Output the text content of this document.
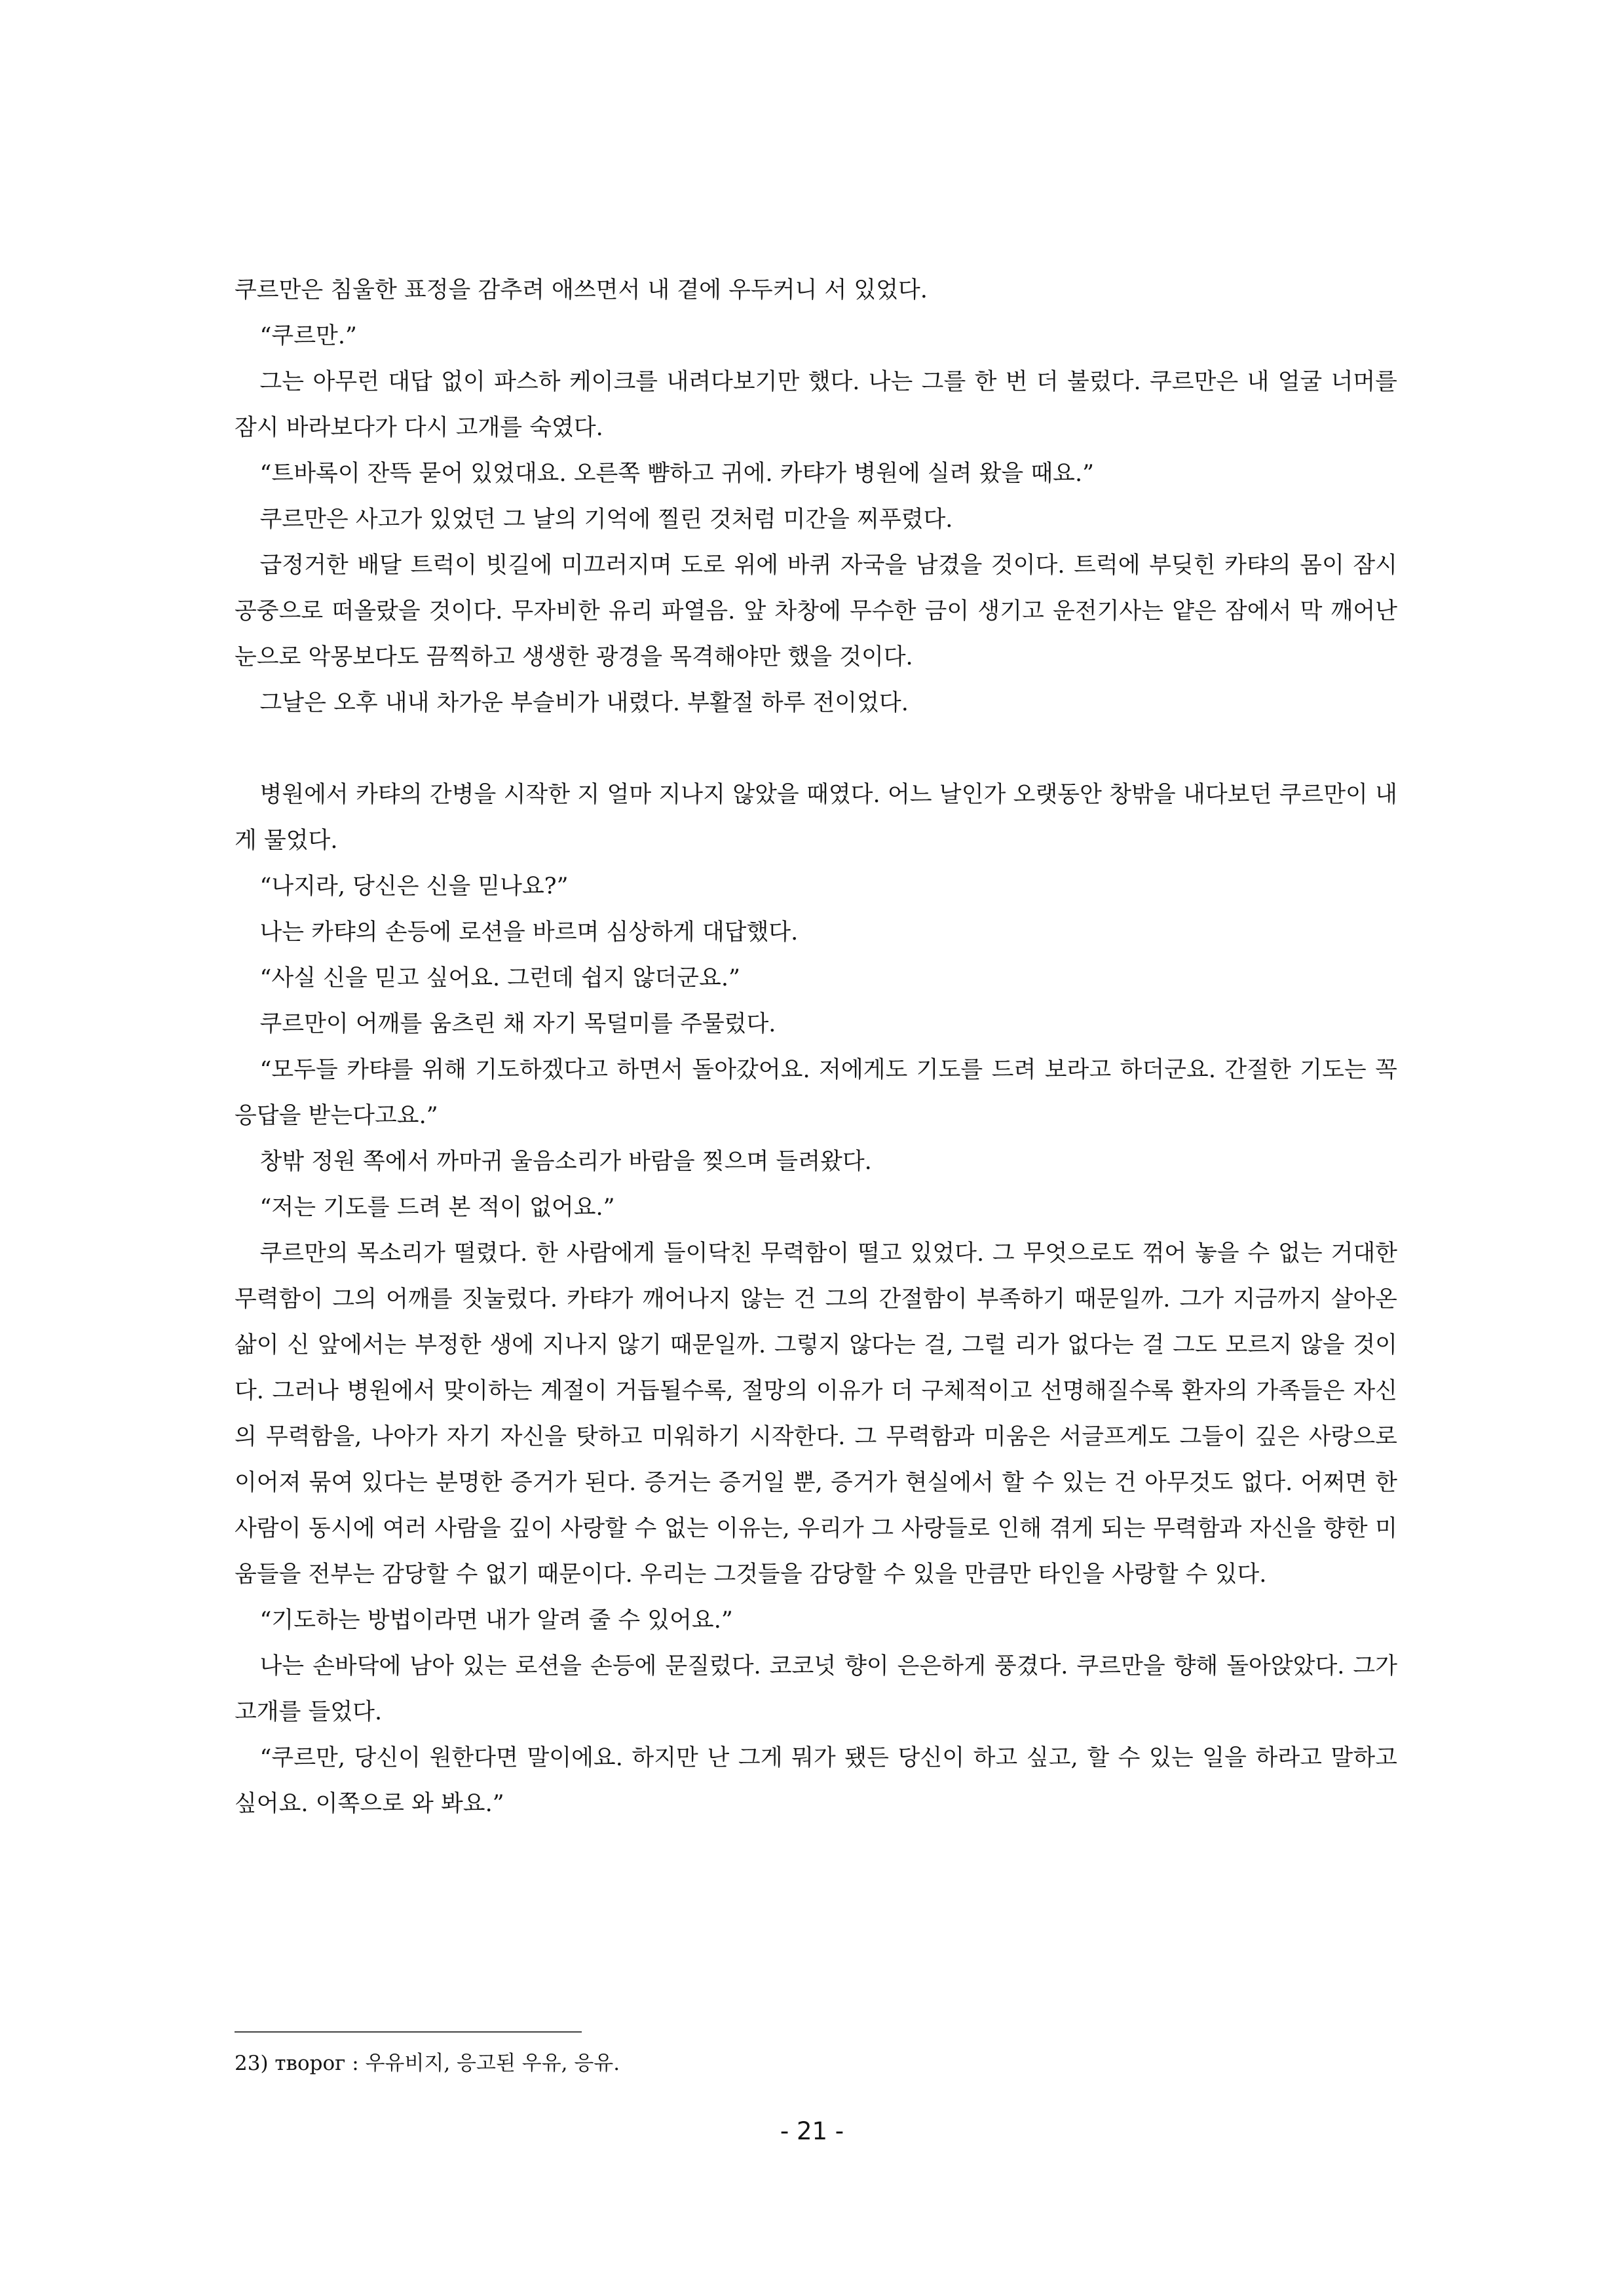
쿠르만은 침울한 표정을 감추려 애쓰면서 내 곁에 우두커니 서 있었다.

“쿠르만.”

그는 아무런 대답 없이 파스하 케이크를 내려다보기만 했다. 나는 그를 한 번 더 불렀다. 쿠르만은 내 얼굴 너머를 잠시 바라보다가 다시 고개를 숙였다.

“트바록이 잔뜩 묻어 있었대요. 오른쪽 뺨하고 귀에. 카탸가 병원에 실려 왔을 때요.”

쿠르만은 사고가 있었던 그 날의 기억에 찔린 것처럼 미간을 찌푸렸다.

급정거한 배달 트럭이 빗길에 미끄러지며 도로 위에 바퀴 자국을 남겼을 것이다. 트럭에 부딪힌 카탸의 몸이 잠시 공중으로 떠올랐을 것이다. 무자비한 유리 파열음. 앞 차창에 무수한 금이 생기고 운전기사는 얕은 잠에서 막 깨어난 눈으로 악몽보다도 끔찍하고 생생한 광경을 목격해야만 했을 것이다.

그날은 오후 내내 차가운 부슬비가 내렸다. 부활절 하루 전이었다.

병원에서 카탸의 간병을 시작한 지 얼마 지나지 않았을 때였다. 어느 날인가 오랫동안 창밖을 내다보던 쿠르만이 내게 물었다.

“나지라, 당신은 신을 믿나요?”

나는 카탸의 손등에 로션을 바르며 심상하게 대답했다.

“사실 신을 믿고 싶어요. 그런데 쉽지 않더군요.”

쿠르만이 어깨를 움츠린 채 자기 목덜미를 주물렀다.

“모두들 카탸를 위해 기도하겠다고 하면서 돌아갔어요. 저에게도 기도를 드려 보라고 하더군요. 간절한 기도는 꼭 응답을 받는다고요.”

창밖 정원 쪽에서 까마귀 울음소리가 바람을 찢으며 들려왔다.

“저는 기도를 드려 본 적이 없어요.”

쿠르만의 목소리가 떨렸다. 한 사람에게 들이닥친 무력함이 떨고 있었다. 그 무엇으로도 꺾어 놓을 수 없는 거대한 무력함이 그의 어깨를 짓눌렀다. 카탸가 깨어나지 않는 건 그의 간절함이 부족하기 때문일까. 그가 지금까지 살아온 삶이 신 앞에서는 부정한 생에 지나지 않기 때문일까. 그렇지 않다는 걸, 그럴 리가 없다는 걸 그도 모르지 않을 것이다. 그러나 병원에서 맞이하는 계절이 거듭될수록, 절망의 이유가 더 구체적이고 선명해질수록 환자의 가족들은 자신의 무력함을, 나아가 자기 자신을 탓하고 미워하기 시작한다. 그 무력함과 미움은 서글프게도 그들이 깊은 사랑으로 이어져 묶여 있다는 분명한 증거가 된다. 증거는 증거일 뿐, 증거가 현실에서 할 수 있는 건 아무것도 없다. 어쩌면 한 사람이 동시에 여러 사람을 깊이 사랑할 수 없는 이유는, 우리가 그 사랑들로 인해 겪게 되는 무력함과 자신을 향한 미움들을 전부는 감당할 수 없기 때문이다. 우리는 그것들을 감당할 수 있을 만큼만 타인을 사랑할 수 있다.

“기도하는 방법이라면 내가 알려 줄 수 있어요.”

나는 손바닥에 남아 있는 로션을 손등에 문질렀다. 코코넛 향이 은은하게 풍겼다. 쿠르만을 향해 돌아앉았다. 그가 고개를 들었다.

“쿠르만, 당신이 원한다면 말이에요. 하지만 난 그게 뭐가 됐든 당신이 하고 싶고, 할 수 있는 일을 하라고 말하고 싶어요. 이쪽으로 와 봐요.”

23) творог : 우유비지, 응고된 우유, 응유.
- 21 -
